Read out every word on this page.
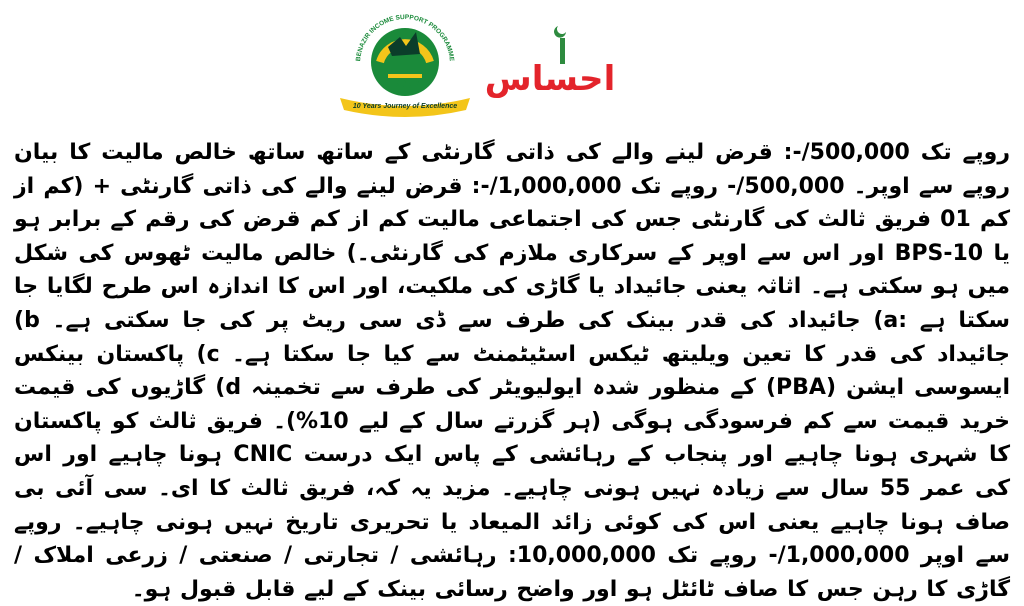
BENAZIR INCOME SUPPORT PROGRAMME
BISP
10 Years Journey of Excellence
احساس

روپے تک 500,000/-: قرض لینے والے کی ذاتی گارنٹی کے ساتھ ساتھ خالص مالیت کا بیان روپے سے اوپر۔ 500,000/- روپے تک 1,000,000/-: قرض لینے والے کی ذاتی گارنٹی + (کم از کم 01 فریق ثالث کی گارنٹی جس کی اجتماعی مالیت کم از کم قرض کی رقم کے برابر ہو یا BPS-10 اور اس سے اوپر کے سرکاری ملازم کی گارنٹی۔) خالص مالیت ٹھوس کی شکل میں ہو سکتی ہے۔ اثاثہ یعنی جائیداد یا گاڑی کی ملکیت، اور اس کا اندازہ اس طرح لگایا جا سکتا ہے :a) جائیداد کی قدر بینک کی طرف سے ڈی سی ریٹ پر کی جا سکتی ہے۔ b) جائیداد کی قدر کا تعین ویلیتھ ٹیکس اسٹیٹمنٹ سے کیا جا سکتا ہے۔ c) پاکستان بینکس ایسوسی ایشن (PBA) کے منظور شدہ ایولیویٹر کی طرف سے تخمینہ d) گاڑیوں کی قیمت خرید قیمت سے کم فرسودگی ہوگی (ہر گزرتے سال کے لیے 10%)۔ فریق ثالث کو پاکستان کا شہری ہونا چاہیے اور پنجاب کے رہائشی کے پاس ایک درست CNIC ہونا چاہیے اور اس کی عمر 55 سال سے زیادہ نہیں ہونی چاہیے۔ مزید یہ کہ، فریق ثالث کا ای۔ سی آئی بی صاف ہونا چاہیے یعنی اس کی کوئی زائد المیعاد یا تحریری تاریخ نہیں ہونی چاہیے۔ روپے سے اوپر 1,000,000/- روپے تک 10,000,000: رہائشی / تجارتی / صنعتی / زرعی املاک / گاڑی کا رہن جس کا صاف ٹائٹل ہو اور واضح رسائی بینک کے لیے قابل قبول ہو۔
